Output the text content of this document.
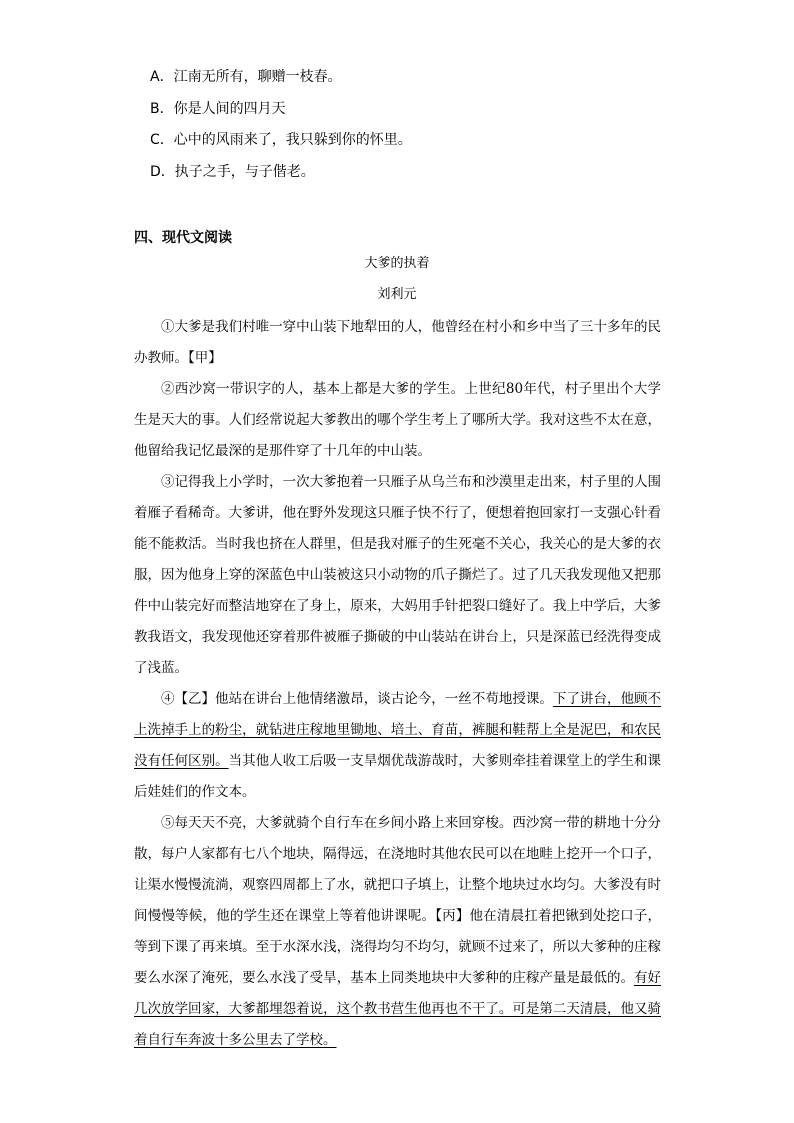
A．江南无所有，聊赠一枝春。
B．你是人间的四月天
C．心中的风雨来了，我只躲到你的怀里。
D．执子之手，与子偕老。
四、现代文阅读
大爹的执着
刘利元

①大爹是我们村唯一穿中山装下地犁田的人，他曾经在村小和乡中当了三十多年的民办教师。【甲】

②西沙窝一带识字的人，基本上都是大爹的学生。上世纪80年代，村子里出个大学生是天大的事。人们经常说起大爹教出的哪个学生考上了哪所大学。我对这些不太在意，他留给我记忆最深的是那件穿了十几年的中山装。

③记得我上小学时，一次大爹抱着一只雁子从乌兰布和沙漠里走出来，村子里的人围着雁子看稀奇。大爹讲，他在野外发现这只雁子快不行了，便想着抱回家打一支强心针看能不能救活。当时我也挤在人群里，但是我对雁子的生死毫不关心，我关心的是大爹的衣服，因为他身上穿的深蓝色中山装被这只小动物的爪子撕烂了。过了几天我发现他又把那件中山装完好而整洁地穿在了身上，原来，大妈用手针把裂口缝好了。我上中学后，大爹教我语文，我发现他还穿着那件被雁子撕破的中山装站在讲台上，只是深蓝已经洗得变成了浅蓝。

④【乙】他站在讲台上他情绪激昂，谈古论今，一丝不苟地授课。下了讲台，他顾不上洗掉手上的粉尘，就钻进庄稼地里锄地、培土、育苗，裤腿和鞋帮上全是泥巴，和农民没有任何区别。当其他人收工后吸一支旱烟优哉游哉时，大爹则牵挂着课堂上的学生和课后娃娃们的作文本。

⑤每天天不亮，大爹就骑个自行车在乡间小路上来回穿梭。西沙窝一带的耕地十分分散，每户人家都有七八个地块，隔得远，在浇地时其他农民可以在地畦上挖开一个口子，让渠水慢慢流淌，观察四周都上了水，就把口子填上，让整个地块过水均匀。大爹没有时间慢慢等候，他的学生还在课堂上等着他讲课呢。【丙】他在清晨扛着把锹到处挖口子，等到下课了再来填。至于水深水浅，浇得均匀不均匀，就顾不过来了，所以大爹种的庄稼要么水深了淹死，要么水浅了受旱，基本上同类地块中大爹种的庄稼产量是最低的。有好几次放学回家，大爹都埋怨着说，这个教书营生他再也不干了。可是第二天清晨，他又骑着自行车奔波十多公里去了学校。
